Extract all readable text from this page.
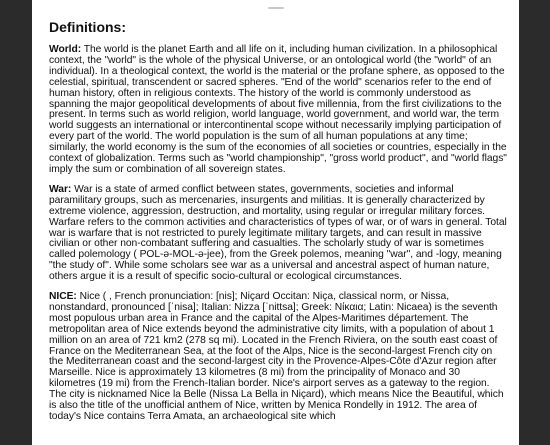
Definitions:

World: The world is the planet Earth and all life on it, including human civilization. In a philosophical context, the "world" is the whole of the physical Universe, or an ontological world (the "world" of an individual). In a theological context, the world is the material or the profane sphere, as opposed to the celestial, spiritual, transcendent or sacred spheres. "End of the world" scenarios refer to the end of human history, often in religious contexts. The history of the world is commonly understood as spanning the major geopolitical developments of about five millennia, from the first civilizations to the present. In terms such as world religion, world language, world government, and world war, the term world suggests an international or intercontinental scope without necessarily implying participation of every part of the world. The world population is the sum of all human populations at any time; similarly, the world economy is the sum of the economies of all societies or countries, especially in the context of globalization. Terms such as "world championship", "gross world product", and "world flags" imply the sum or combination of all sovereign states.

War: War is a state of armed conflict between states, governments, societies and informal paramilitary groups, such as mercenaries, insurgents and militias. It is generally characterized by extreme violence, aggression, destruction, and mortality, using regular or irregular military forces. Warfare refers to the common activities and characteristics of types of war, or of wars in general. Total war is warfare that is not restricted to purely legitimate military targets, and can result in massive civilian or other non-combatant suffering and casualties. The scholarly study of war is sometimes called polemology ( POL-ə-MOL-ə-jee), from the Greek polemos, meaning "war", and -logy, meaning "the study of". While some scholars see war as a universal and ancestral aspect of human nature, others argue it is a result of specific socio-cultural or ecological circumstances.

NICE: Nice ( , French pronunciation: [nis]; Niçard Occitan: Niça, classical norm, or Nissa, nonstandard, pronounced [ˈnisa]; Italian: Nizza [ˈnittsa]; Greek: Νίκαια; Latin: Nicaea) is the seventh most populous urban area in France and the capital of the Alpes-Maritimes département. The metropolitan area of Nice extends beyond the administrative city limits, with a population of about 1 million on an area of 721 km2 (278 sq mi). Located in the French Riviera, on the south east coast of France on the Mediterranean Sea, at the foot of the Alps, Nice is the second-largest French city on the Mediterranean coast and the second-largest city in the Provence-Alpes-Côte d'Azur region after Marseille. Nice is approximately 13 kilometres (8 mi) from the principality of Monaco and 30 kilometres (19 mi) from the French-Italian border. Nice's airport serves as a gateway to the region. The city is nicknamed Nice la Belle (Nissa La Bella in Niçard), which means Nice the Beautiful, which is also the title of the unofficial anthem of Nice, written by Menica Rondelly in 1912. The area of today's Nice contains Terra Amata, an archaeological site which
